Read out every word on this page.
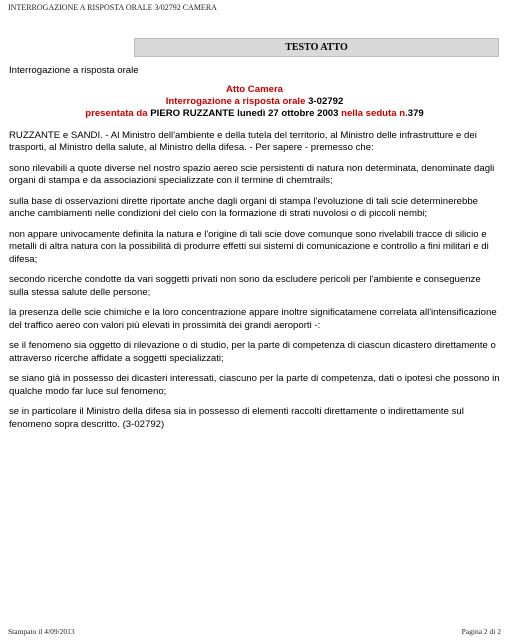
INTERROGAZIONE A RISPOSTA ORALE 3/02792 CAMERA
TESTO ATTO

Interrogazione a risposta orale

Atto Camera
Interrogazione a risposta orale 3-02792
presentata da PIERO RUZZANTE lunedì 27 ottobre 2003 nella seduta n.379

RUZZANTE e SANDI. - Al Ministro dell'ambiente e della tutela del territorio, al Ministro delle infrastrutture e dei trasporti, al Ministro della salute, al Ministro della difesa. - Per sapere - premesso che:

sono rilevabili a quote diverse nel nostro spazio aereo scie persistenti di natura non determinata, denominate dagli organi di stampa e da associazioni specializzate con il termine di chemtrails;

sulla base di osservazioni dirette riportate anche dagli organi di stampa l'evoluzione di tali scie determinerebbe anche cambiamenti nelle condizioni del cielo con la formazione di strati nuvolosi o di piccoli nembi;

non appare univocamente definita la natura e l'origine di tali scie dove comunque sono rivelabili tracce di silicio e metalli di altra natura con la possibilità di produrre effetti sui sistemi di comunicazione e controllo a fini militari e di difesa;

secondo ricerche condotte da vari soggetti privati non sono da escludere pericoli per l'ambiente e conseguenze sulla stessa salute delle persone;

la presenza delle scie chimiche e la loro concentrazione appare inoltre significatamene correlata all'intensificazione del traffico aereo con valori più elevati in prossimità dei grandi aeroporti -:

se il fenomeno sia oggetto di rilevazione o di studio, per la parte di competenza di ciascun dicastero direttamente o attraverso ricerche affidate a soggetti specializzati;

se siano già in possesso dei dicasteri interessati, ciascuno per la parte di competenza, dati o ipotesi che possono in qualche modo far luce sul fenomeno;

se in particolare il Ministro della difesa sia in possesso di elementi raccolti direttamente o indirettamente sul fenomeno sopra descritto. (3-02792)

Stampato il 4/09/2013	Pagina 2 di 2
